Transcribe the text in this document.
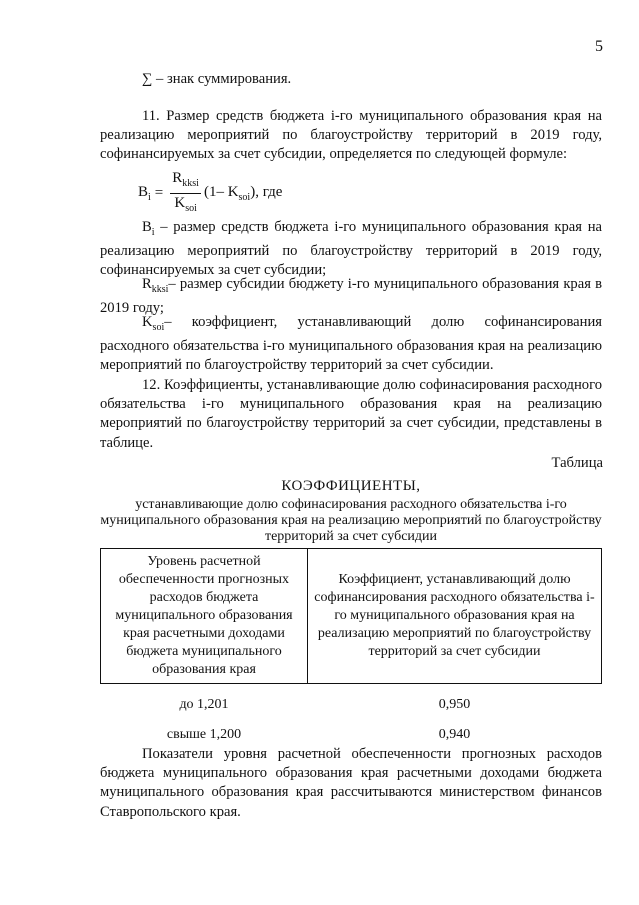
5
∑ – знак суммирования.
11. Размер средств бюджета i-го муниципального образования края на реализацию мероприятий по благоустройству территорий в 2019 году, софинансируемых за счет субсидии, определяется по следующей формуле:
$B_i = \frac{R_{kksi}}{K_{soi}} (1-$ $K_{soi}$), где
$B_i$ – размер средств бюджета i-го муниципального образования края на реализацию мероприятий по благоустройству территорий в 2019 году, софинансируемых за счет субсидии;
$R_{kksi}-$ размер субсидии бюджету i-го муниципального образования края в 2019 году;
$K_{soi}-$ коэффициент, устанавливающий долю софинансирования расходного обязательства i-го муниципального образования края на реализацию мероприятий по благоустройству территорий за счет субсидии.
12. Коэффициенты, устанавливающие долю софинасирования расходного обязательства i-го муниципального образования края на реализацию мероприятий по благоустройству территорий за счет субсидии, представлены в таблице.
Таблица
КОЭФФИЦИЕНТЫ,
устанавливающие долю софинасирования расходного обязательства i-го муниципального образования края на реализацию мероприятий по благоустройству территорий за счет субсидии
Уровень расчетной обеспеченности прогнозных расходов бюджета муниципального образования края расчетными доходами бюджета муниципального образования края	Коэффициент, устанавливающий долю софинансирования расходного обязательства i-го муниципального образования края на реализацию мероприятий по благоустройству территорий за счет субсидии

до 1,201	0,950
свыше 1,200	0,940
Показатели уровня расчетной обеспеченности прогнозных расходов бюджета муниципального образования края расчетными доходами бюджета муниципального образования края рассчитываются министерством финансов Ставропольского края.
